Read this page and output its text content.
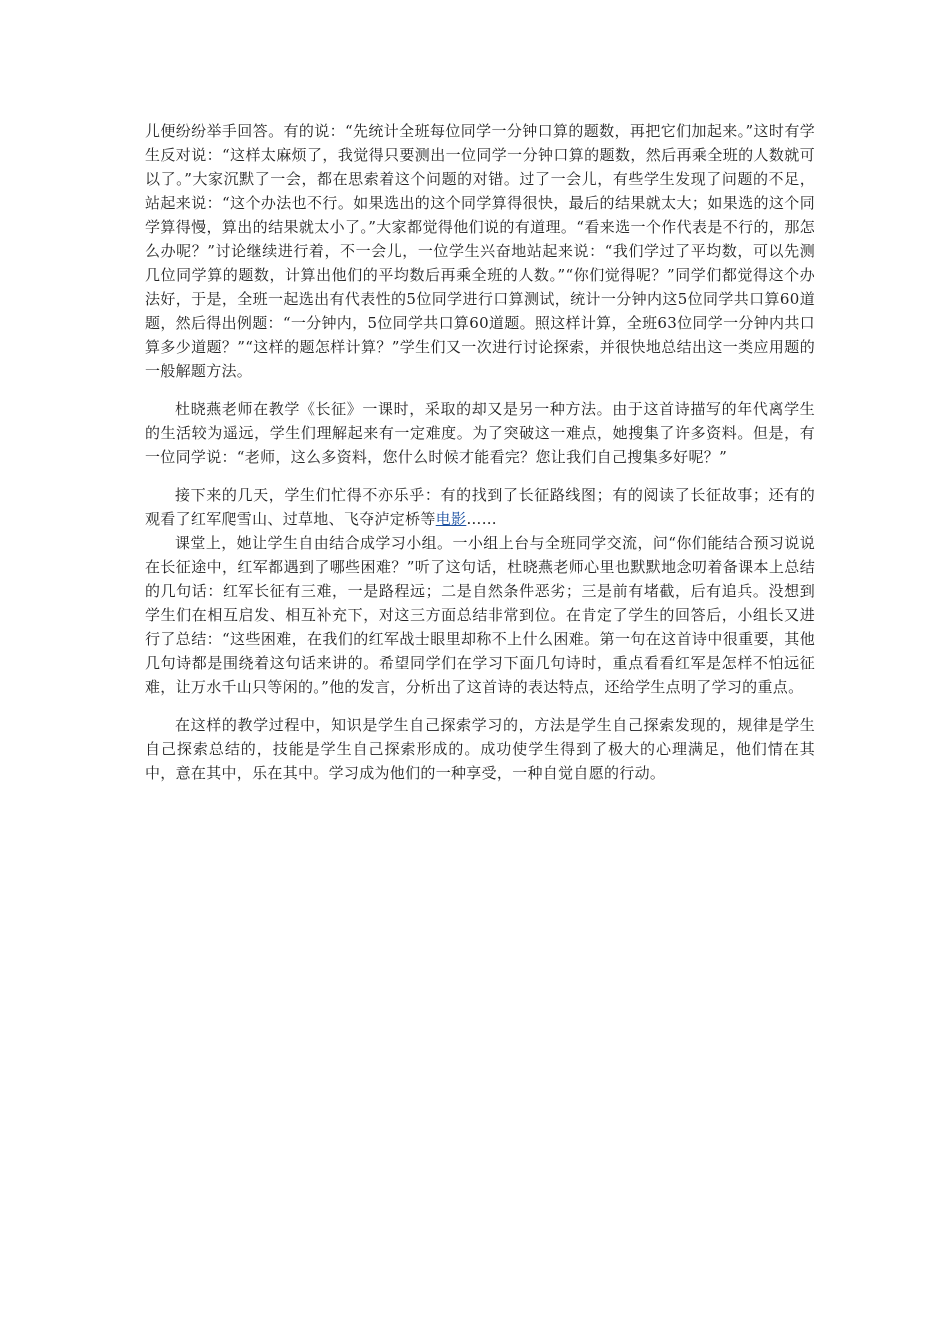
儿便纷纷举手回答。有的说：“先统计全班每位同学一分钟口算的题数，再把它们加起来。”这时有学生反对说：“这样太麻烦了，我觉得只要测出一位同学一分钟口算的题数，然后再乘全班的人数就可以了。”大家沉默了一会，都在思索着这个问题的对错。过了一会儿，有些学生发现了问题的不足，站起来说：“这个办法也不行。如果选出的这个同学算得很快，最后的结果就太大；如果选的这个同学算得慢，算出的结果就太小了。”大家都觉得他们说的有道理。“看来选一个作代表是不行的，那怎么办呢？”讨论继续进行着，不一会儿，一位学生兴奋地站起来说：“我们学过了平均数，可以先测几位同学算的题数，计算出他们的平均数后再乘全班的人数。”“你们觉得呢？”同学们都觉得这个办法好，于是，全班一起选出有代表性的5位同学进行口算测试，统计一分钟内这5位同学共口算60道题，然后得出例题：“一分钟内，5位同学共口算60道题。照这样计算，全班63位同学一分钟内共口算多少道题？”“这样的题怎样计算？”学生们又一次进行讨论探索，并很快地总结出这一类应用题的一般解题方法。

杜晓燕老师在教学《长征》一课时，采取的却又是另一种方法。由于这首诗描写的年代离学生的生活较为遥远，学生们理解起来有一定难度。为了突破这一难点，她搜集了许多资料。但是，有一位同学说：“老师，这么多资料，您什么时候才能看完？您让我们自己搜集多好呢？”

接下来的几天，学生们忙得不亦乐乎：有的找到了长征路线图；有的阅读了长征故事；还有的观看了红军爬雪山、过草地、飞夺泸定桥等电影……

课堂上，她让学生自由结合成学习小组。一小组上台与全班同学交流，问“你们能结合预习说说在长征途中，红军都遇到了哪些困难？”听了这句话，杜晓燕老师心里也默默地念叨着备课本上总结的几句话：红军长征有三难，一是路程远；二是自然条件恶劣；三是前有堵截，后有追兵。没想到学生们在相互启发、相互补充下，对这三方面总结非常到位。在肯定了学生的回答后，小组长又进行了总结：“这些困难，在我们的红军战士眼里却称不上什么困难。第一句在这首诗中很重要，其他几句诗都是围绕着这句话来讲的。希望同学们在学习下面几句诗时，重点看看红军是怎样不怕远征难，让万水千山只等闲的。”他的发言，分析出了这首诗的表达特点，还给学生点明了学习的重点。

在这样的教学过程中，知识是学生自己探索学习的，方法是学生自己探索发现的，规律是学生自己探索总结的，技能是学生自己探索形成的。成功使学生得到了极大的心理满足，他们情在其中，意在其中，乐在其中。学习成为他们的一种享受，一种自觉自愿的行动。
